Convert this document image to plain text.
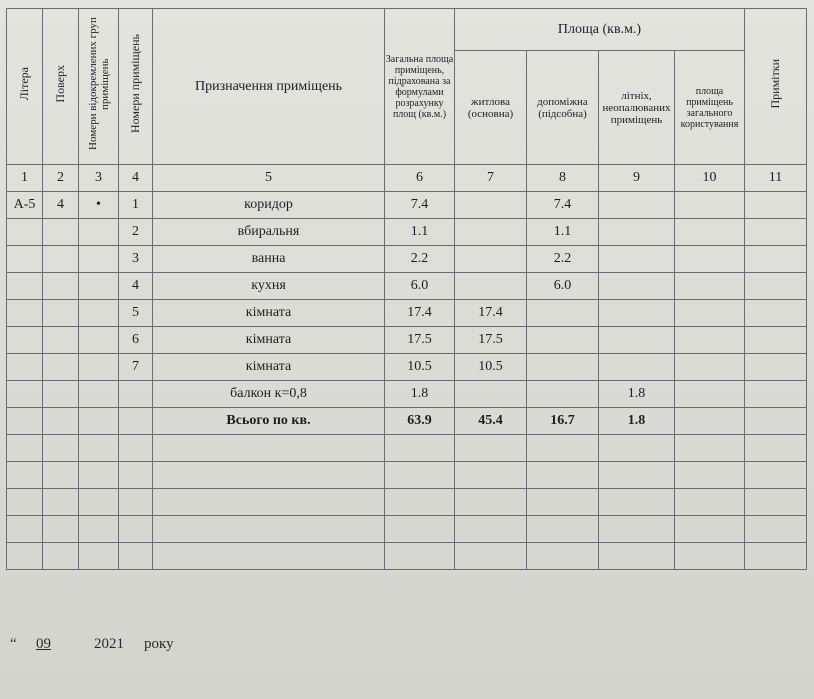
Літера	Поверх	Номери відокремлених груп приміщень	Номери приміщень	Призначення приміщень	Загальна площа приміщень, підрахована за формулами розрахунку площ (кв.м.)	Площа (кв.м.)				Примітки
						житлова (основна)	допоміжна (підсобна)	літніх, неопалюваних приміщень	площа приміщень загального користування	
1	2	3	4	5	6	7	8	9	10	11
А-5	4	•	1	коридор	7.4		7.4			
			2	вбиральня	1.1		1.1			
			3	ванна	2.2		2.2			
			4	кухня	6.0		6.0			
			5	кімната	17.4	17.4				
			6	кімната	17.5	17.5				
			7	кімната	10.5	10.5				
				балкон к=0,8	1.8			1.8		
				Всього по кв.	63.9	45.4	16.7	1.8		

“ 09	2021 року
